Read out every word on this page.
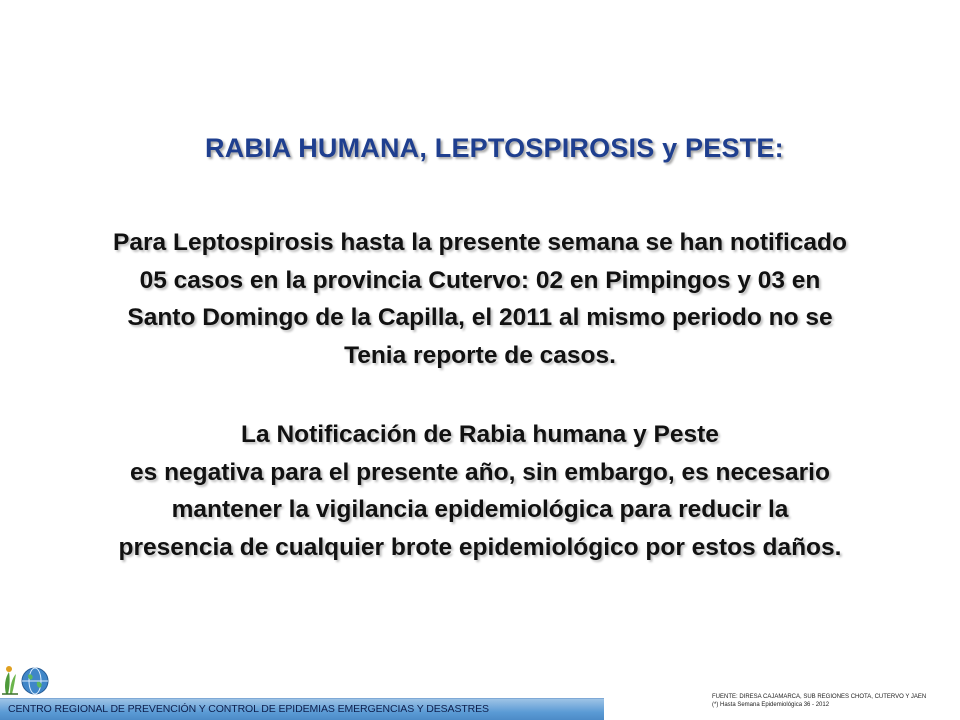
RABIA HUMANA, LEPTOSPIROSIS y PESTE:
Para Leptospirosis hasta la presente semana se han notificado
05 casos en la provincia Cutervo: 02 en Pimpingos y 03 en
Santo Domingo de la Capilla, el 2011 al mismo periodo no se
Tenia reporte de casos.
La Notificación de Rabia humana y Peste
es negativa para el presente año, sin embargo, es necesario
mantener la vigilancia epidemiológica para reducir la
presencia de cualquier brote epidemiológico por estos daños.
CENTRO REGIONAL DE PREVENCIÓN Y CONTROL DE EPIDEMIAS EMERGENCIAS Y DESASTRES
FUENTE: DIRESA CAJAMARCA, SUB REGIONES CHOTA, CUTERVO Y JAEN
(*) Hasta Semana Epidemiológica 36 - 2012
